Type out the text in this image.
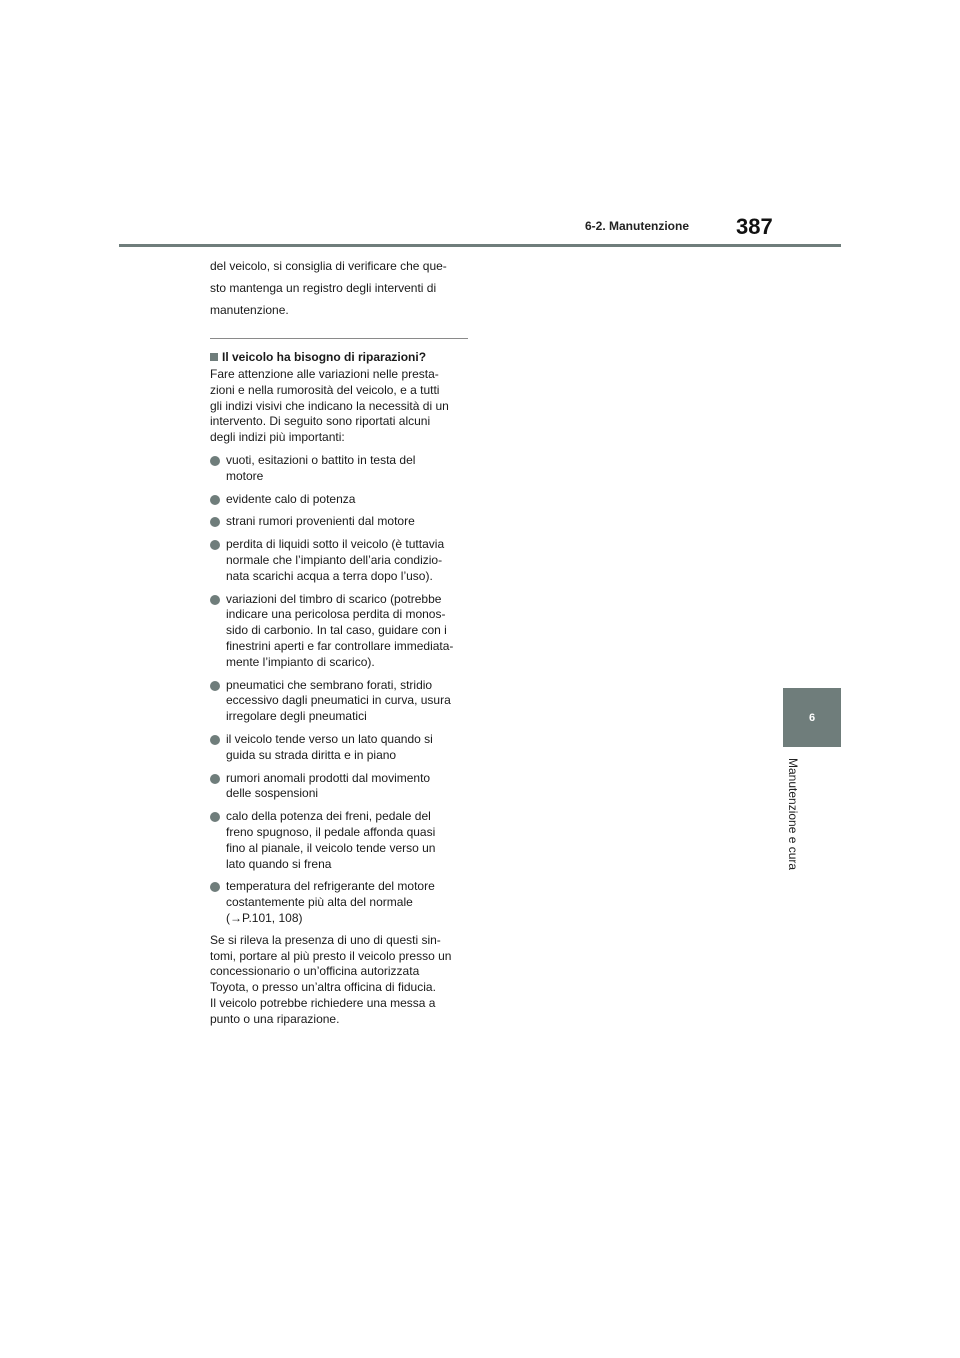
6-2. Manutenzione 387
6
Manutenzione e cura

del veicolo, si consiglia di verificare che que-

sto mantenga un registro degli interventi di

manutenzione.

Il veicolo ha bisogno di riparazioni?

Fare attenzione alle variazioni nelle presta-

zioni e nella rumorosità del veicolo, e a tutti

gli indizi visivi che indicano la necessità di un

intervento. Di seguito sono riportati alcuni

degli indizi più importanti:

vuoti, esitazioni o battito in testa del

motore

evidente calo di potenza

strani rumori provenienti dal motore

perdita di liquidi sotto il veicolo (è tuttavia

normale che l’impianto dell’aria condizio-

nata scarichi acqua a terra dopo l’uso).

variazioni del timbro di scarico (potrebbe

indicare una pericolosa perdita di monos-

sido di carbonio. In tal caso, guidare con i

finestrini aperti e far controllare immediata-

mente l’impianto di scarico).

pneumatici che sembrano forati, stridio

eccessivo dagli pneumatici in curva, usura

irregolare degli pneumatici

il veicolo tende verso un lato quando si

guida su strada diritta e in piano

rumori anomali prodotti dal movimento

delle sospensioni

calo della potenza dei freni, pedale del

freno spugnoso, il pedale affonda quasi

fino al pianale, il veicolo tende verso un

lato quando si frena

temperatura del refrigerante del motore

costantemente più alta del normale

(→P.101, 108)

Se si rileva la presenza di uno di questi sin-

tomi, portare al più presto il veicolo presso un

concessionario o un’officina autorizzata

Toyota, o presso un’altra officina di fiducia.

Il veicolo potrebbe richiedere una messa a

punto o una riparazione.
